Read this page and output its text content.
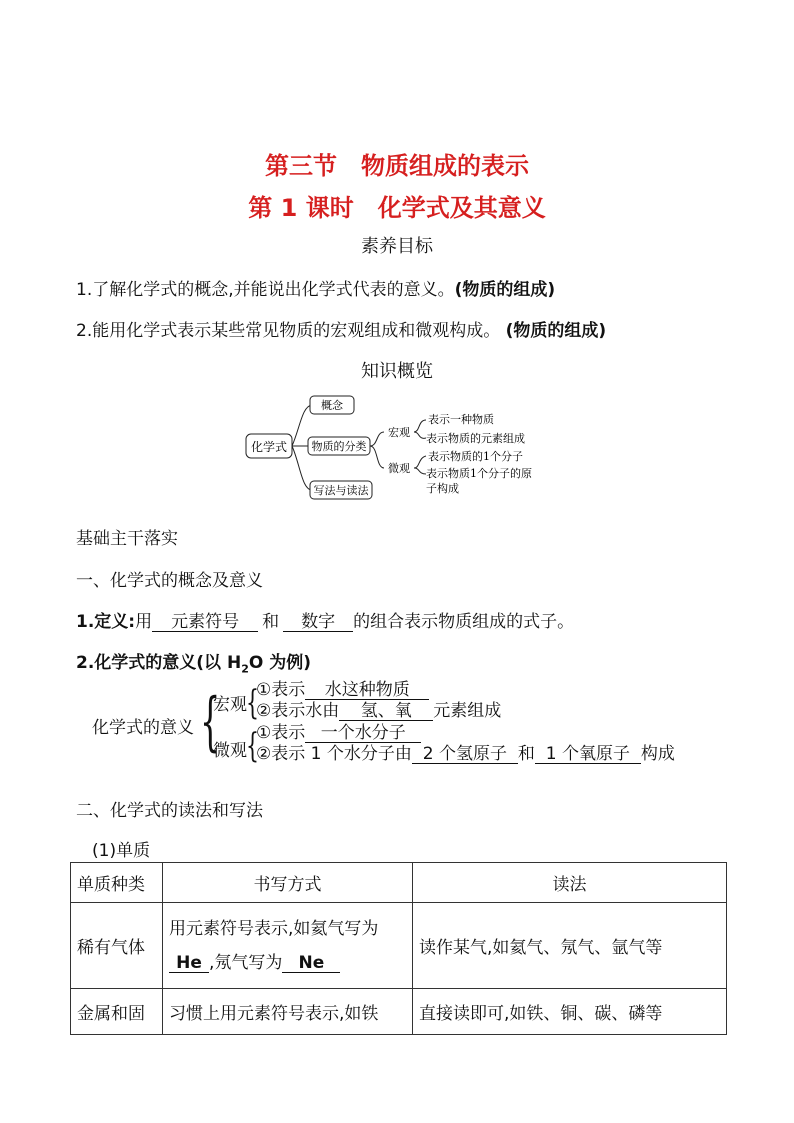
第三节　物质组成的表示
第 1 课时　化学式及其意义
素养目标
1.了解化学式的概念,并能说出化学式代表的意义。(物质的组成)
2.能用化学式表示某些常见物质的宏观组成和微观构成。 (物质的组成)
知识概览
化学式
概念
物质的分类
写法与读法
宏观
微观
表示一种物质
表示物质的元素组成
表示物质的1个分子
表示物质1个分子的原
子构成
基础主干落实
一、化学式的概念及意义
1.定义:用 元素符号 和 数字 的组合表示物质组成的式子。
2.化学式的意义(以 $H_2O$ 为例)
化学式的意义 {
宏观 {
①表示 水这种物质
②表示水由 氢、氧 元素组成
微观 {
①表示 一个水分子
②表示 1 个水分子由 2 个氢原子 和 1 个氧原子 构成
二、化学式的读法和写法
(1)单质
单质种类	书写方式	读法
稀有气体	用元素符号表示,如氦气写为
He ,氖气写为 Ne	读作某气,如氦气、氖气、氩气等
金属和固	习惯上用元素符号表示,如铁	直接读即可,如铁、铜、碳、磷等
